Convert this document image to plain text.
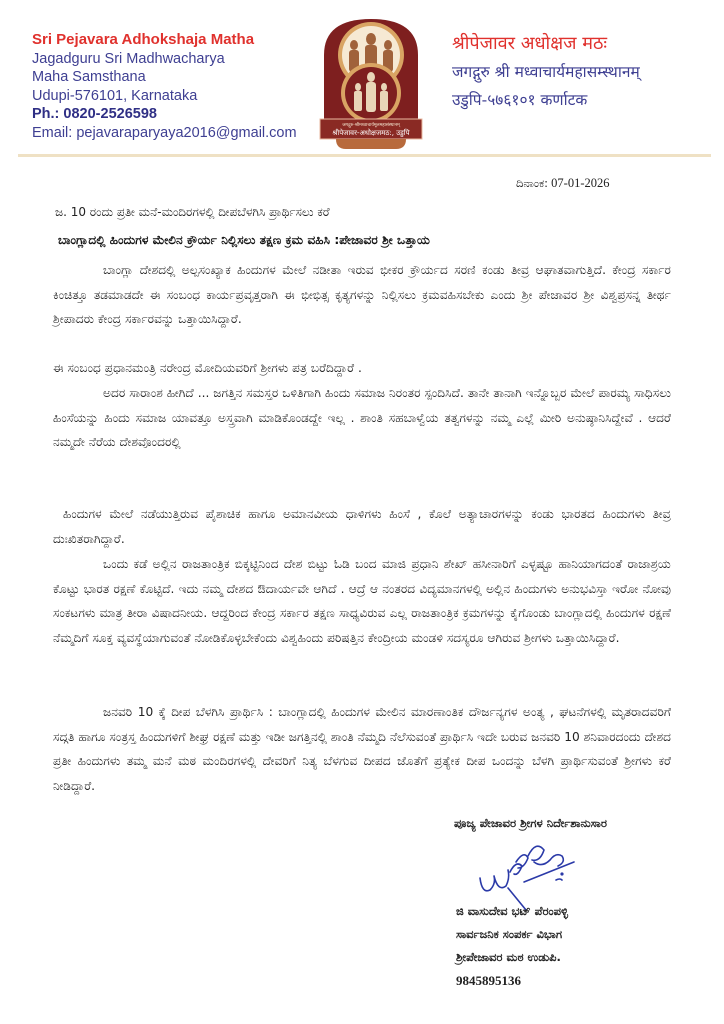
Sri Pejavara Adhokshaja Matha
Jagadguru Sri Madhwacharya
Maha Samsthana
Udupi-576101, Karnataka
Ph.: 0820-2526598
Email: pejavaraparyaya2016@gmail.com	जगद्गुरु-श्रीमध्वाचार्यमूलमहासंस्थानम्
श्रीपेजावर-अधोक्षजमठ:, उडुपि
श्रीपेजावर अधोक्षज मठः
जगद्गुरु श्री मध्वाचार्यमहासम्स्थानम्
उडुपि-५७६१०१ कर्णाटक
ದಿನಾಂಕ: 07-01-2026
ಜ. 10 ರಂದು ಪ್ರತೀ ಮನೆ-ಮಂದಿರಗಳಲ್ಲಿ ದೀಪಬೆಳಗಿಸಿ ಪ್ರಾರ್ಥಿಸಲು ಕರೆ
ಬಾಂಗ್ಲಾದಲ್ಲಿ ಹಿಂದುಗಳ ಮೇಲಿನ ಕ್ರೌರ್ಯ ನಿಲ್ಲಿಸಲು ತಕ್ಷಣ ಕ್ರಮ ವಹಿಸಿ :ಪೇಜಾವರ ಶ್ರೀ ಒತ್ತಾಯ

ಬಾಂಗ್ಲಾ ದೇಶದಲ್ಲಿ ಅಲ್ಪಸಂಖ್ಯಾಕ ಹಿಂದುಗಳ ಮೇಲೆ ನಡೀತಾ ಇರುವ ಭೀಕರ ಕ್ರೌರ್ಯದ ಸರಣಿ ಕಂಡು ತೀವ್ರ ಆಘಾತವಾಗುತ್ತಿದೆ. ಕೇಂದ್ರ ಸರ್ಕಾರ ಕಿಂಚಿತ್ತೂ ತಡಮಾಡದೇ ಈ ಸಂಬಂಧ ಕಾರ್ಯಪ್ರವೃತ್ತರಾಗಿ ಈ ಭೀಭಿತ್ಸ ಕೃತ್ಯಗಳನ್ನು ನಿಲ್ಲಿಸಲು ಕ್ರಮವಹಿಸಬೇಕು ಎಂದು ಶ್ರೀ ಪೇಜಾವರ ಶ್ರೀ ವಿಶ್ವಪ್ರಸನ್ನ ತೀರ್ಥ ಶ್ರೀಪಾದರು ಕೇಂದ್ರ ಸರ್ಕಾರವನ್ನು ಒತ್ತಾಯಿಸಿದ್ದಾರೆ.

ಈ ಸಂಬಂಧ ಪ್ರಧಾನಮಂತ್ರಿ ನರೇಂದ್ರ ಮೋದಿಯವರಿಗೆ ಶ್ರೀಗಳು ಪತ್ರ ಬರೆದಿದ್ದಾರೆ .

ಅದರ ಸಾರಾಂಶ ಹೀಗಿದೆ ... ಜಗತ್ತಿನ ಸಮಸ್ತರ ಒಳಿತಿಗಾಗಿ ಹಿಂದು ಸಮಾಜ ನಿರಂತರ ಸ್ಪಂದಿಸಿದೆ. ತಾನೇ ತಾನಾಗಿ ಇನ್ನೊಬ್ಬರ ಮೇಲೆ ಪಾರಮ್ಯ ಸಾಧಿಸಲು ಹಿಂಸೆಯನ್ನು ಹಿಂದು ಸಮಾಜ ಯಾವತ್ತೂ ಅಸ್ತ್ರವಾಗಿ ಮಾಡಿಕೊಂಡದ್ದೇ ಇಲ್ಲ . ಶಾಂತಿ ಸಹಬಾಳ್ವೆಯ ತತ್ವಗಳನ್ನು ನಮ್ಮ ಎಲ್ಲೆ ಮೀರಿ ಅನುಷ್ಠಾನಿಸಿದ್ದೇವೆ . ಆದರೆ ನಮ್ಮದೇ ನೆರೆಯ ದೇಶವೊಂದರಲ್ಲಿ

ಹಿಂದುಗಳ ಮೇಲೆ ನಡೆಯುತ್ತಿರುವ ಪೈಶಾಚಿಕ ಹಾಗೂ ಅಮಾನವೀಯ ಧಾಳಿಗಳು ಹಿಂಸೆ , ಕೊಲೆ ಅತ್ಯಾಚಾರಗಳನ್ನು ಕಂಡು ಭಾರತದ ಹಿಂದುಗಳು ತೀವ್ರ ದುಃಖಿತರಾಗಿದ್ದಾರೆ.

ಒಂದು ಕಡೆ ಅಲ್ಲಿನ ರಾಜತಾಂತ್ರಿಕ ಬಿಕ್ಕಟ್ಟಿನಿಂದ ದೇಶ ಬಿಟ್ಟು ಓಡಿ ಬಂದ ಮಾಜಿ ಪ್ರಧಾನಿ ಶೇಖ್ ಹಸೀನಾರಿಗೆ ಎಳ್ಳಷ್ಟೂ ಹಾನಿಯಾಗದಂತೆ ರಾಜಾಶ್ರಯ ಕೊಟ್ಟು ಭಾರತ ರಕ್ಷಣೆ ಕೊಟ್ಟಿದೆ. ಇದು ನಮ್ಮ ದೇಶದ ಔದಾರ್ಯವೇ ಆಗಿದೆ . ಆದ್ರೆ ಆ ನಂತರದ ವಿದ್ಯಮಾನಗಳಲ್ಲಿ ಅಲ್ಲಿನ ಹಿಂದುಗಳು ಅನುಭವಿಸ್ತಾ ಇರೋ ನೋವು ಸಂಕಟಗಳು ಮಾತ್ರ ತೀರಾ ವಿಷಾದನೀಯ. ಆದ್ದರಿಂದ ಕೇಂದ್ರ ಸರ್ಕಾರ ತಕ್ಷಣ ಸಾಧ್ಯವಿರುವ ಎಲ್ಲ ರಾಜತಾಂತ್ರಿಕ ಕ್ರಮಗಳನ್ನು ಕೈಗೊಂಡು ಬಾಂಗ್ಲಾದಲ್ಲಿ ಹಿಂದುಗಳ ರಕ್ಷಣೆ ನೆಮ್ಮದಿಗೆ ಸೂಕ್ತ ವ್ಯವಸ್ಥೆಯಾಗುವಂತೆ ನೋಡಿಕೊಳ್ಳಬೇಕೆಂದು ವಿಶ್ವಹಿಂದು ಪರಿಷತ್ತಿನ ಕೇಂದ್ರೀಯ ಮಂಡಳಿ ಸದಸ್ಯರೂ ಆಗಿರುವ ಶ್ರೀಗಳು ಒತ್ತಾಯಿಸಿದ್ದಾರೆ.

ಜನವರಿ 10 ಕ್ಕೆ ದೀಪ ಬೆಳಗಿಸಿ ಪ್ರಾರ್ಥಿಸಿ : ಬಾಂಗ್ಲಾದಲ್ಲಿ ಹಿಂದುಗಳ ಮೇಲಿನ ಮಾರಣಾಂತಿಕ ದೌರ್ಜನ್ಯಗಳ ಅಂತ್ಯ , ಘಟನೆಗಳಲ್ಲಿ ಮೃತರಾದವರಿಗೆ ಸದ್ಗತಿ ಹಾಗೂ ಸಂತ್ರಸ್ತ ಹಿಂದುಗಳಿಗೆ ಶೀಘ್ರ ರಕ್ಷಣೆ ಮತ್ತು ಇಡೀ ಜಗತ್ತಿನಲ್ಲಿ ಶಾಂತಿ ನೆಮ್ಮದಿ ನೆಲೆಸುವಂತೆ ಪ್ರಾರ್ಥಿಸಿ ಇದೇ ಬರುವ ಜನವರಿ 10 ಶನಿವಾರದಂದು ದೇಶದ ಪ್ರತೀ ಹಿಂದುಗಳು ತಮ್ಮ ಮನೆ ಮಠ ಮಂದಿರಗಳಲ್ಲಿ ದೇವರಿಗೆ ನಿತ್ಯ ಬೆಳಗುವ ದೀಪದ ಜೊತೆಗೆ ಪ್ರತ್ಯೇಕ ದೀಪ ಒಂದನ್ನು ಬೆಳಗಿ ಪ್ರಾರ್ಥಿಸುವಂತೆ ಶ್ರೀಗಳು ಕರೆ ನೀಡಿದ್ದಾರೆ.

ಪೂಜ್ಯ ಪೇಜಾವರ ಶ್ರೀಗಳ ನಿರ್ದೇಶಾನುಸಾರ
ಜಿ ವಾಸುದೇವ ಭಟ್ ಪೆರಂಪಳ್ಳಿ
ಸಾರ್ವಜನಿಕ ಸಂಪರ್ಕ ವಿಭಾಗ
ಶ್ರೀಪೇಜಾವರ ಮಠ ಉಡುಪಿ.
9845895136
